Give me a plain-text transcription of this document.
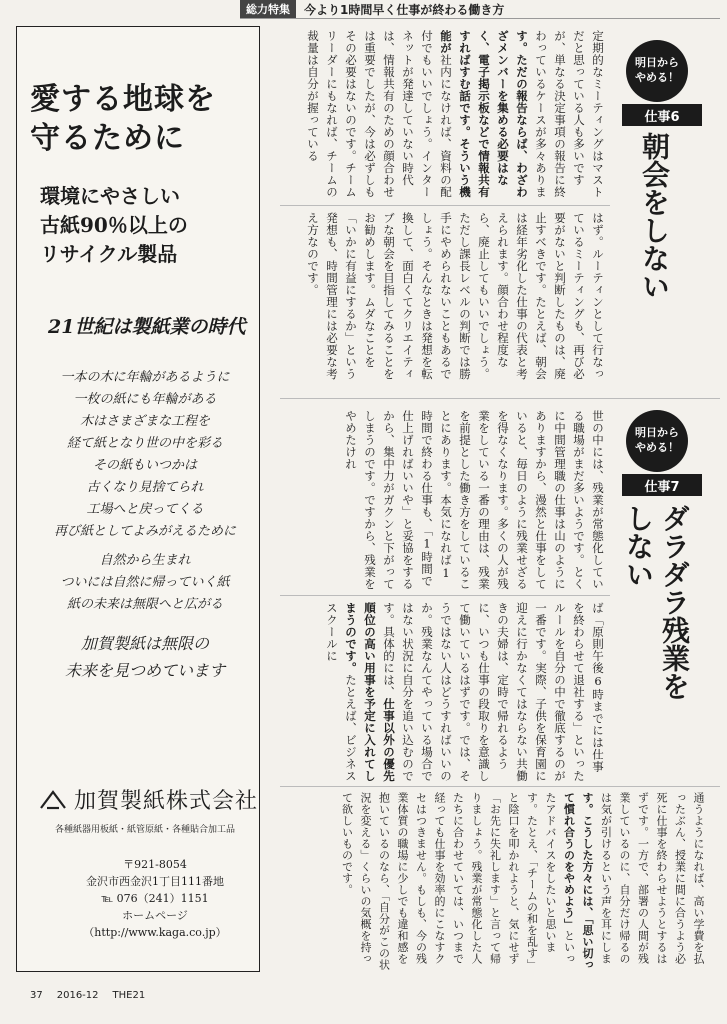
総力特集	今より1時間早く仕事が終わる働き方
愛する地球を
守るために
環境にやさしい
古紙90％以上の
リサイクル製品
21世紀は製紙業の時代
一本の木に年輪があるように
一枚の紙にも年輪がある
木はさまざまな工程を
経て紙となり世の中を彩る
その紙もいつかは
古くなり見捨てられ
工場へと戻ってくる
再び紙としてよみがえるために
自然から生まれ
ついには自然に帰っていく紙
紙の未来は無限へと広がる
加賀製紙は無限の
未来を見つめています
加賀製紙株式会社
各種紙器用板紙・紙管原紙・各種貼合加工品
〒921-8054
金沢市西金沢1丁目111番地
℡ 076（241）1151
ホームページ
（http://www.kaga.co.jp）
明日から
やめる！
仕事6
朝会をしない
定期的なミーティングはマストだと思っている人も多いですが、単なる決定事項の報告に終わっているケースが多々あります。ただの報告ならば、わざわざメンバーを集める必要はなく、電子掲示板などで情報共有すればすむ話です。そういう機能が社内になければ、資料の配付でもいいでしょう。インターネットが発達していない時代は、情報共有のための顔合わせは重要でしたが、今は必ずしもその必要はないのです。チームリーダーにもなれば、チームの裁量は自分が握っている
はず。ルーティンとして行なっているミーティングも、再び必要がないと判断したものは、廃止すべきです。たとえば、朝会は経年劣化した仕事の代表と考えられます。顔合わせ程度なら、廃止してもいいでしょう。ただし課長レベルの判断では勝手にやめられないこともあるでしょう。そんなときは発想を転換して、面白くてクリエイティブな朝会を目指してみることをお勧めします。ムダなことを「いかに有益にするか」という発想も、時間管理には必要な考え方なのです。
明日から
やめる！
仕事7
ダラダラ残業を
しない
世の中には、残業が常態化している職場がまだ多いようです。とくに中間管理職の仕事は山のようにありますから、漫然と仕事をしていると、毎日のように残業せざるを得なくなります。多くの人が残業をしている一番の理由は、残業を前提とした働き方をしていることにあります。本気になれば1時間で終わる仕事も、「1時間で仕上げればいいや」と妥協をするから、集中力がガクンと下がってしまうのです。ですから、残業をやめたけれ
ば「原則午後6時までには仕事を終わらせて退社する」といったルールを自分の中で徹底するのが一番です。実際、子供を保育園に迎えに行かなくてはならない共働きの夫婦は、定時で帰れるように、いつも仕事の段取りを意識して働いているはずです。では、そうではない人はどうすればいいのか。残業なんてやっている場合ではない状況に自分を追い込むのです。具体的には、仕事以外の優先順位の高い用事を予定に入れてしまうのです。たとえば、ビジネススクールに
通うようになれば、高い学費を払ったぶん、授業に間に合うよう必死に仕事を終わらせようとするはずです。一方で、部署の人間が残業しているのに、自分だけ帰るのは気が引けるという声を耳にします。こうした方々には、「思い切って慣れ合うのをやめよう」といったアドバイスをしたいと思います。たとえ、「チームの和を乱す」と陰口を叩かれようと、気にせず「お先に失礼します」と言って帰りましょう。残業が常態化した人たちに合わせていては、いつまで経っても仕事を効率的にこなすクセはつきません。もしも、今の残業体質の職場に少しでも違和感を抱いているのなら、「自分がこの状況を変える」くらいの気概を持って欲しいものです。
37 2016-12 THE21
